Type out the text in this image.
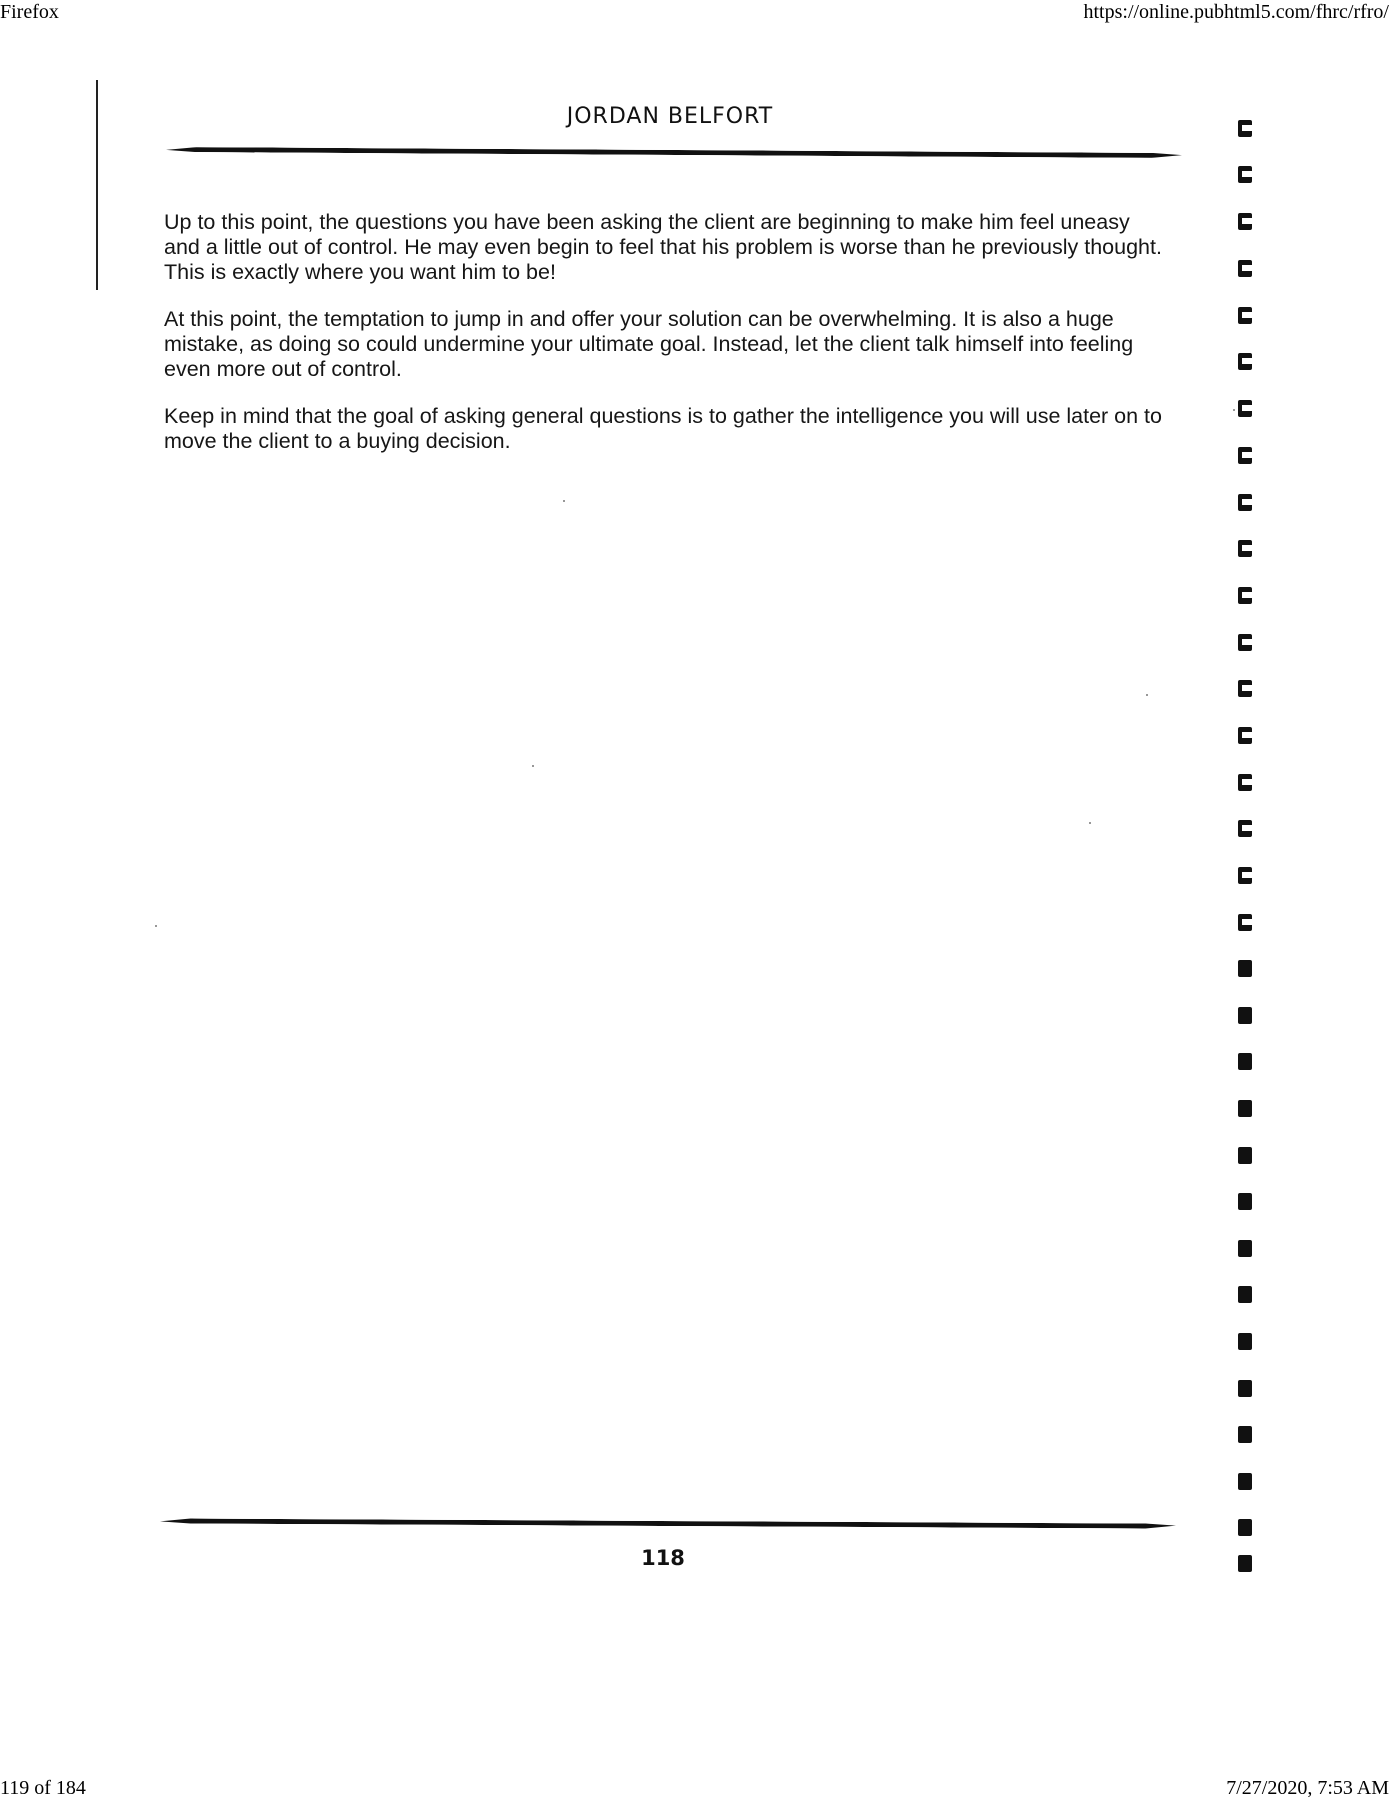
Firefox	https://online.pubhtml5.com/fhrc/rfro/
JORDAN BELFORT

Up to this point, the questions you have been asking the client are beginning to make him feel uneasy and a little out of control. He may even begin to feel that his problem is worse than he previously thought. This is exactly where you want him to be!

At this point, the temptation to jump in and offer your solution can be overwhelming. It is also a huge mistake, as doing so could undermine your ultimate goal. Instead, let the client talk himself into feeling even more out of control.

Keep in mind that the goal of asking general questions is to gather the intelligence you will use later on to move the client to a buying decision.

118
119 of 184	7/27/2020, 7:53 AM
